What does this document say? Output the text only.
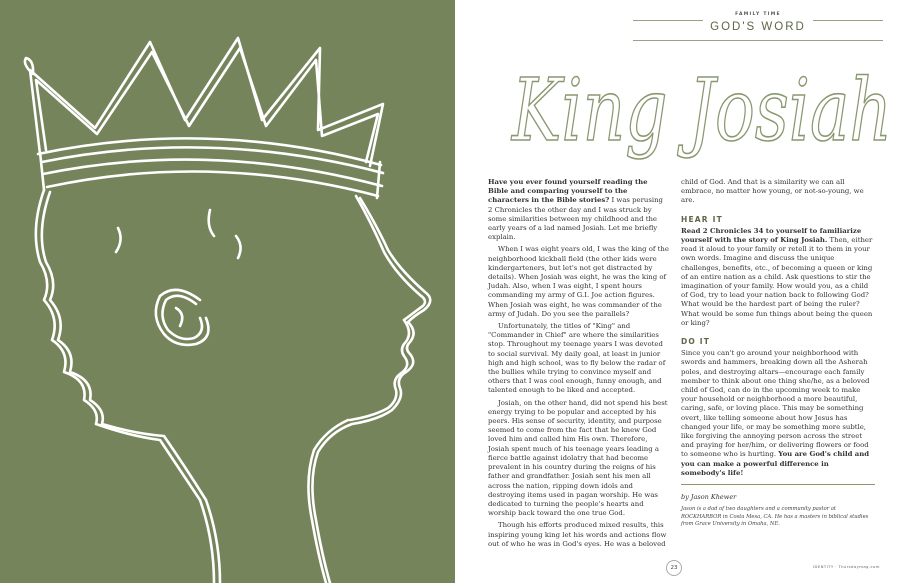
FAMILY TIME
GOD'S WORD
King Josiah

Have you ever found yourself reading the Bible and comparing yourself to the characters in the Bible stories? I was perusing 2 Chronicles the other day and I was struck by some similarities between my childhood and the early years of a lad named Josiah. Let me briefly explain.

When I was eight years old, I was the king of the neighborhood kickball field (the other kids were kindergarteners, but let's not get distracted by details). When Josiah was eight, he was the king of Judah. Also, when I was eight, I spent hours commanding my army of G.I. Joe action figures. When Josiah was eight, he was commander of the army of Judah. Do you see the parallels?

Unfortunately, the titles of "King" and "Commander in Chief" are where the similarities stop. Throughout my teenage years I was devoted to social survival. My daily goal, at least in junior high and high school, was to fly below the radar of the bullies while trying to convince myself and others that I was cool enough, funny enough, and talented enough to be liked and accepted.

Josiah, on the other hand, did not spend his best energy trying to be popular and accepted by his peers. His sense of security, identity, and purpose seemed to come from the fact that he knew God loved him and called him His own. Therefore, Josiah spent much of his teenage years leading a fierce battle against idolatry that had become prevalent in his country during the reigns of his father and grandfather. Josiah sent his men all across the nation, ripping down idols and destroying items used in pagan worship. He was dedicated to turning the people's hearts and worship back toward the one true God.

Though his efforts produced mixed results, this inspiring young king let his words and actions flow out of who he was in God's eyes. He was a beloved

child of God. And that is a similarity we can all embrace, no matter how young, or not-so-young, we are.

HEAR IT

Read 2 Chronicles 34 to yourself to familiarize yourself with the story of King Josiah. Then, either read it aloud to your family or retell it to them in your own words. Imagine and discuss the unique challenges, benefits, etc., of becoming a queen or king of an entire nation as a child. Ask questions to stir the imagination of your family. How would you, as a child of God, try to lead your nation back to following God? What would be the hardest part of being the ruler? What would be some fun things about being the queen or king?

DO IT

Since you can't go around your neighborhood with swords and hammers, breaking down all the Asherah poles, and destroying altars—encourage each family member to think about one thing she/he, as a beloved child of God, can do in the upcoming week to make your household or neighborhood a more beautiful, caring, safe, or loving place. This may be something overt, like telling someone about how Jesus has changed your life, or may be something more subtle, like forgiving the annoying person across the street and praying for her/him, or delivering flowers or food to someone who is hurting. You are God's child and you can make a powerful difference in somebody's life!

by Jason Khewer
Jason is a dad of two daughters and a community pastor at ROCKHARBOR in Costa Mesa, CA. He has a masters in biblical studies from Grace University in Omaha, NE.
23	IDENTITY · Thursdaymag.com
